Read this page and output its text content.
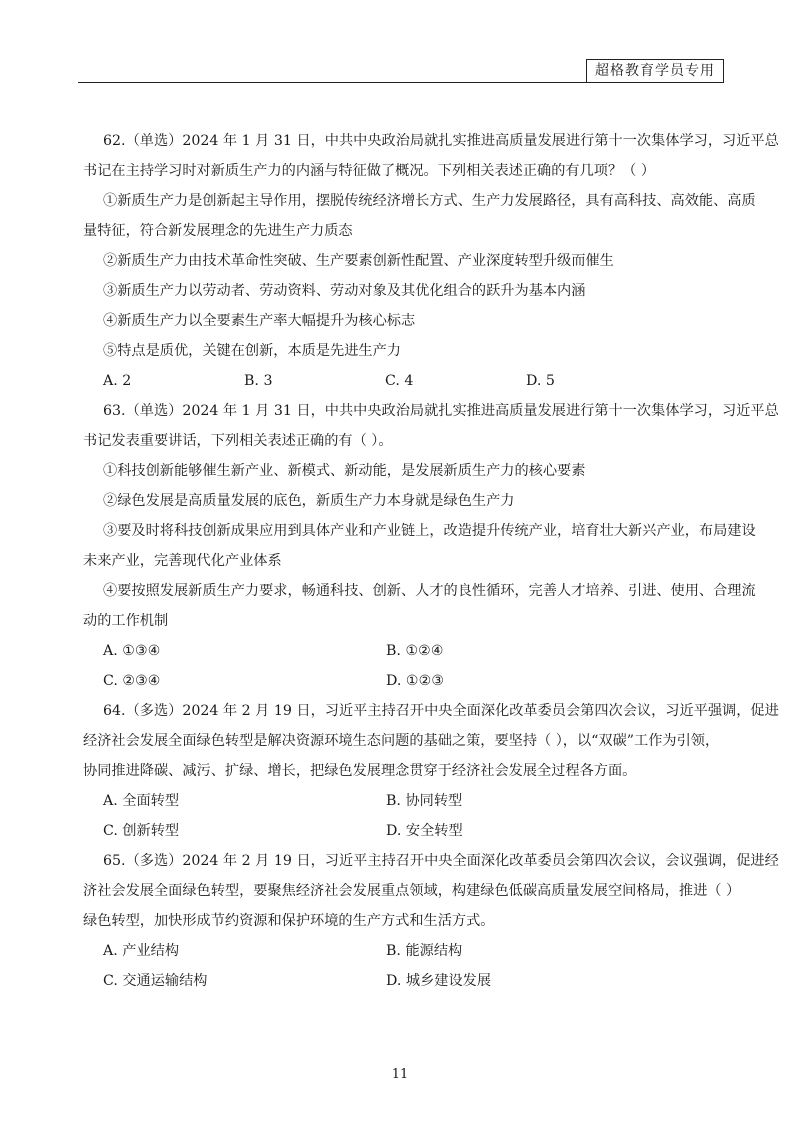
超格教育学员专用
62.（单选）2024 年 1 月 31 日，中共中央政治局就扎实推进高质量发展进行第十一次集体学习，习近平总
书记在主持学习时对新质生产力的内涵与特征做了概况。下列相关表述正确的有几项？（ ）
①新质生产力是创新起主导作用，摆脱传统经济增长方式、生产力发展路径，具有高科技、高效能、高质
量特征，符合新发展理念的先进生产力质态
②新质生产力由技术革命性突破、生产要素创新性配置、产业深度转型升级而催生
③新质生产力以劳动者、劳动资料、劳动对象及其优化组合的跃升为基本内涵
④新质生产力以全要素生产率大幅提升为核心标志
⑤特点是质优，关键在创新，本质是先进生产力
A. 2	B. 3	C. 4	D. 5
63.（单选）2024 年 1 月 31 日，中共中央政治局就扎实推进高质量发展进行第十一次集体学习，习近平总
书记发表重要讲话，下列相关表述正确的有（ ）。
①科技创新能够催生新产业、新模式、新动能，是发展新质生产力的核心要素
②绿色发展是高质量发展的底色，新质生产力本身就是绿色生产力
③要及时将科技创新成果应用到具体产业和产业链上，改造提升传统产业，培育壮大新兴产业，布局建设
未来产业，完善现代化产业体系
④要按照发展新质生产力要求，畅通科技、创新、人才的良性循环，完善人才培养、引进、使用、合理流
动的工作机制
A. ①③④	B. ①②④
C. ②③④	D. ①②③
64.（多选）2024 年 2 月 19 日，习近平主持召开中央全面深化改革委员会第四次会议，习近平强调，促进
经济社会发展全面绿色转型是解决资源环境生态问题的基础之策，要坚持（ ），以“双碳”工作为引领，
协同推进降碳、减污、扩绿、增长，把绿色发展理念贯穿于经济社会发展全过程各方面。
A. 全面转型	B. 协同转型
C. 创新转型	D. 安全转型
65.（多选）2024 年 2 月 19 日，习近平主持召开中央全面深化改革委员会第四次会议，会议强调，促进经
济社会发展全面绿色转型，要聚焦经济社会发展重点领域，构建绿色低碳高质量发展空间格局，推进（ ）
绿色转型，加快形成节约资源和保护环境的生产方式和生活方式。
A. 产业结构	B. 能源结构
C. 交通运输结构	D. 城乡建设发展
11
